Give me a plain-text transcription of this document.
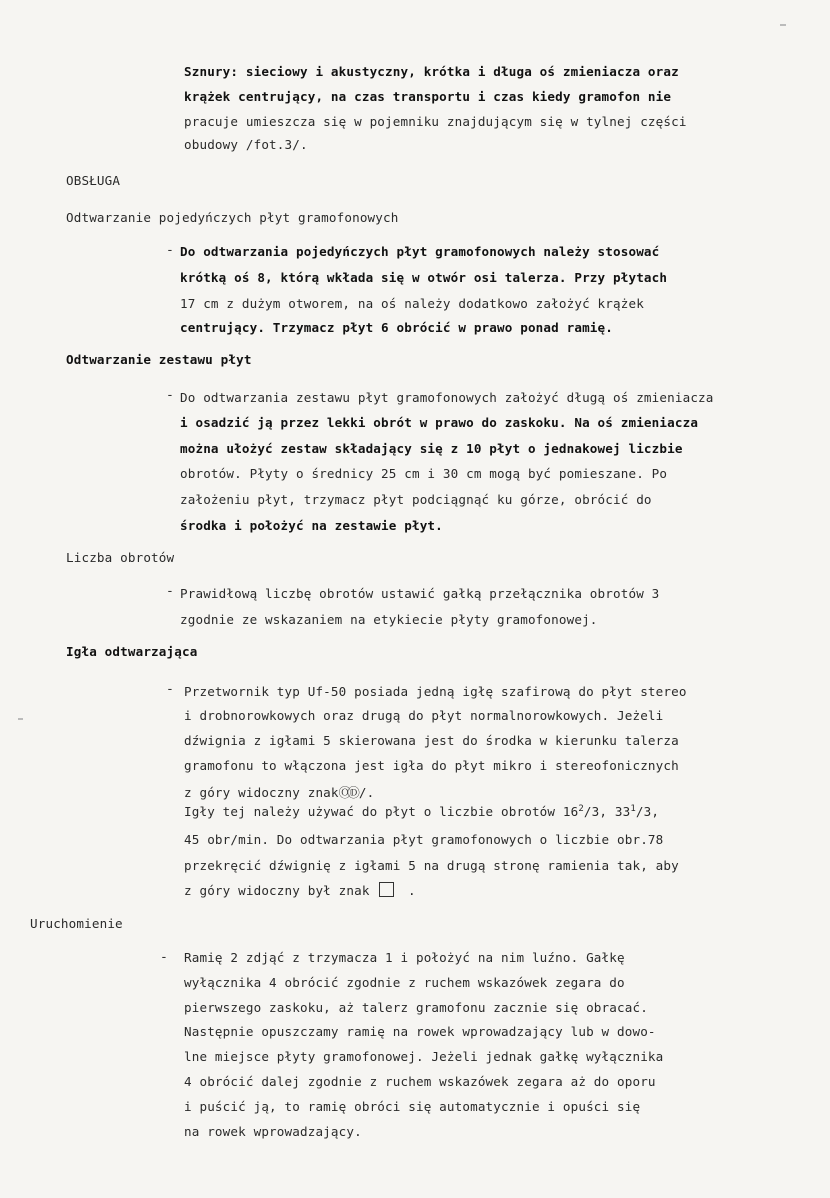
Sznury: sieciowy i akustyczny, krótka i długa oś zmieniacza oraz
krążek centrujący, na czas transportu i czas kiedy gramofon nie
pracuje umieszcza się w pojemniku znajdującym się w tylnej części
obudowy /fot.3/.
OBSŁUGA
Odtwarzanie pojedyńczych płyt gramofonowych
- Do odtwarzania pojedyńczych płyt gramofonowych należy stosować
krótką oś 8, którą wkłada się w otwór osi talerza. Przy płytach
17 cm z dużym otworem, na oś należy dodatkowo założyć krążek
centrujący. Trzymacz płyt 6 obrócić w prawo ponad ramię.
Odtwarzanie zestawu płyt
- Do odtwarzania zestawu płyt gramofonowych założyć długą oś zmieniacza
i osadzić ją przez lekki obrót w prawo do zaskoku. Na oś zmieniacza
można ułożyć zestaw składający się z 10 płyt o jednakowej liczbie
obrotów. Płyty o średnicy 25 cm i 30 cm mogą być pomieszane. Po
założeniu płyt, trzymacz płyt podciągnąć ku górze, obrócić do
środka i położyć na zestawie płyt.
Liczba obrotów
- Prawidłową liczbę obrotów ustawić gałką przełącznika obrotów 3
zgodnie ze wskazaniem na etykiecie płyty gramofonowej.
Igła odtwarzająca
- Przetwornik typ Uf-50 posiada jedną igłę szafirową do płyt stereo
i drobnorowkowych oraz drugą do płyt normalnorowkowych. Jeżeli
dźwignia z igłami 5 skierowana jest do środka w kierunku talerza
gramofonu to włączona jest igła do płyt mikro i stereofonicznych
z góry widoczny znakⓄⒹ /.
Igły tej należy używać do płyt o liczbie obrotów $16^2/3$, $33^1/3$,
45 obr/min. Do odtwarzania płyt gramofonowych o liczbie obr.78
przekręcić dźwignię z igłami 5 na drugą stronę ramienia tak, aby
z góry widoczny był znak	.
Uruchomienie
- Ramię 2 zdjąć z trzymacza 1 i położyć na nim luźno. Gałkę
wyłącznika 4 obrócić zgodnie z ruchem wskazówek zegara do
pierwszego zaskoku, aż talerz gramofonu zacznie się obracać.
Następnie opuszczamy ramię na rowek wprowadzający lub w dowo-
lne miejsce płyty gramofonowej. Jeżeli jednak gałkę wyłącznika
4 obrócić dalej zgodnie z ruchem wskazówek zegara aż do oporu
i puścić ją, to ramię obróci się automatycznie i opuści się
na rowek wprowadzający.
